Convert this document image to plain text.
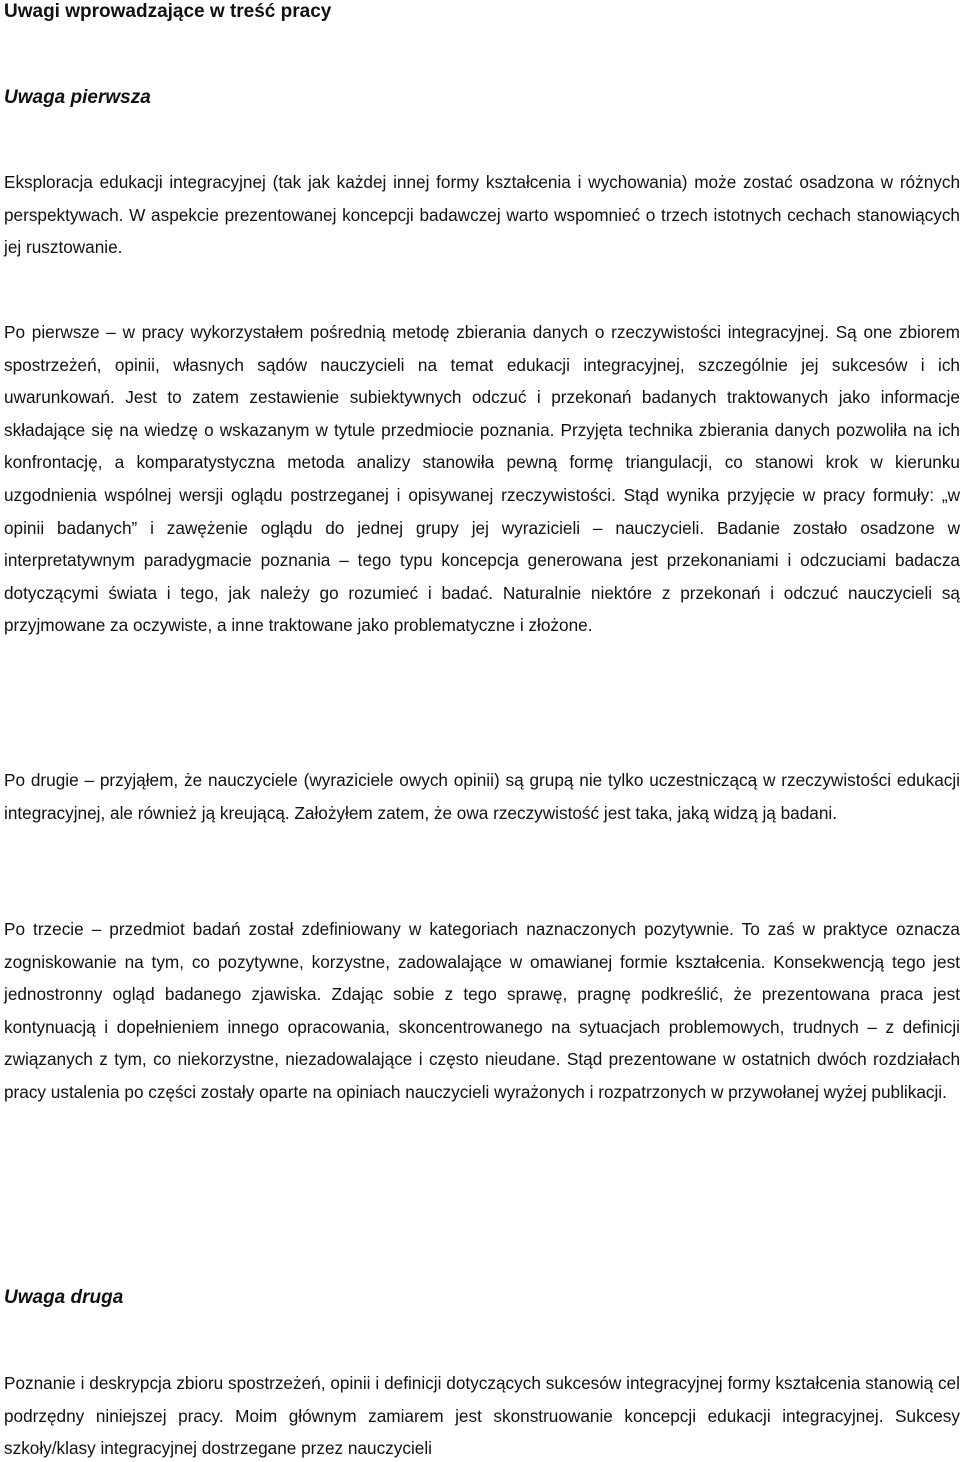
Uwagi wprowadzające w treść pracy
Uwaga pierwsza

Eksploracja edukacji integracyjnej (tak jak każdej innej formy kształcenia i wychowania) może zostać osadzona w różnych perspektywach. W aspekcie prezentowanej koncepcji badawczej warto wspomnieć o trzech istotnych cechach stanowiących jej rusztowanie.

Po pierwsze – w pracy wykorzystałem pośrednią metodę zbierania danych o rzeczywistości integracyjnej. Są one zbiorem spostrzeżeń, opinii, własnych sądów nauczycieli na temat edukacji integracyjnej, szczególnie jej sukcesów i ich uwarunkowań. Jest to zatem zestawienie subiektywnych odczuć i przekonań badanych traktowanych jako informacje składające się na wiedzę o wskazanym w tytule przedmiocie poznania. Przyjęta technika zbierania danych pozwoliła na ich konfrontację, a komparatystyczna metoda analizy stanowiła pewną formę triangulacji, co stanowi krok w kierunku uzgodnienia wspólnej wersji oglądu postrzeganej i opisywanej rzeczywistości. Stąd wynika przyjęcie w pracy formuły: „w opinii badanych” i zawężenie oglądu do jednej grupy jej wyrazicieli – nauczycieli. Badanie zostało osadzone w interpretatywnym paradygmacie poznania – tego typu koncepcja generowana jest przekonaniami i odczuciami badacza dotyczącymi świata i tego, jak należy go rozumieć i badać. Naturalnie niektóre z przekonań i odczuć nauczycieli są przyjmowane za oczywiste, a inne traktowane jako problematyczne i złożone.

Po drugie – przyjąłem, że nauczyciele (wyraziciele owych opinii) są grupą nie tylko uczestniczącą w rzeczywistości edukacji integracyjnej, ale również ją kreującą. Założyłem zatem, że owa rzeczywistość jest taka, jaką widzą ją badani.

Po trzecie – przedmiot badań został zdefiniowany w kategoriach naznaczonych pozytywnie. To zaś w praktyce oznacza zogniskowanie na tym, co pozytywne, korzystne, zadowalające w omawianej formie kształcenia. Konsekwencją tego jest jednostronny ogląd badanego zjawiska. Zdając sobie z tego sprawę, pragnę podkreślić, że prezentowana praca jest kontynuacją i dopełnieniem innego opracowania, skoncentrowanego na sytuacjach problemowych, trudnych – z definicji związanych z tym, co niekorzystne, niezadowalające i często nieudane. Stąd prezentowane w ostatnich dwóch rozdziałach pracy ustalenia po części zostały oparte na opiniach nauczycieli wyrażonych i rozpatrzonych w przywołanej wyżej publikacji.

Uwaga druga

Poznanie i deskrypcja zbioru spostrzeżeń, opinii i definicji dotyczących sukcesów integracyjnej formy kształcenia stanowią cel podrzędny niniejszej pracy. Moim głównym zamiarem jest skonstruowanie koncepcji edukacji integracyjnej. Sukcesy szkoły/klasy integracyjnej dostrzegane przez nauczycieli
